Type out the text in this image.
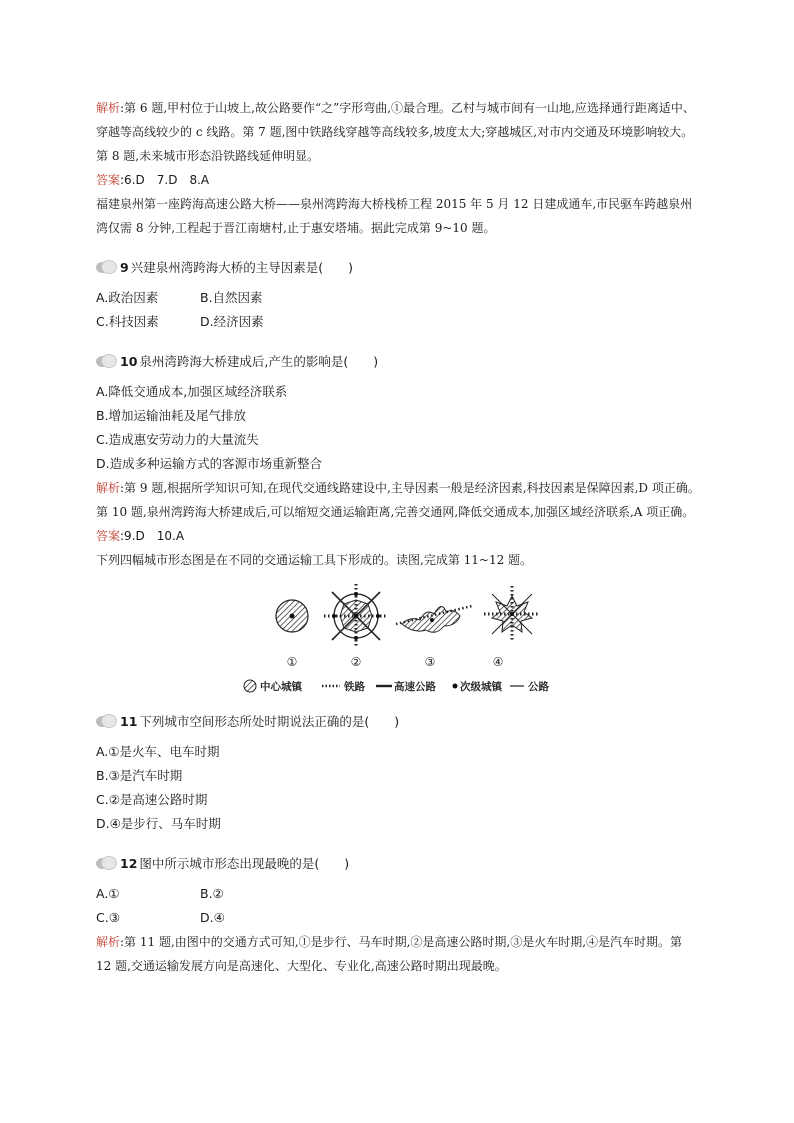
解析:第 6 题,甲村位于山坡上,故公路要作“之”字形弯曲,①最合理。乙村与城市间有一山地,应选择通行距离适中、穿越等高线较少的 c 线路。第 7 题,图中铁路线穿越等高线较多,坡度太大;穿越城区,对市内交通及环境影响较大。第 8 题,未来城市形态沿铁路线延伸明显。

答案:6.D　7.D　8.A

福建泉州第一座跨海高速公路大桥——泉州湾跨海大桥栈桥工程 2015 年 5 月 12 日建成通车,市民驱车跨越泉州湾仅需 8 分钟,工程起于晋江南塘村,止于惠安塔埔。据此完成第 9~10 题。

9 兴建泉州湾跨海大桥的主导因素是(　　)
A.政治因素	B.自然因素
C.科技因素	D.经济因素
10 泉州湾跨海大桥建成后,产生的影响是(　　)
A.降低交通成本,加强区域经济联系
B.增加运输油耗及尾气排放
C.造成惠安劳动力的大量流失
D.造成多种运输方式的客源市场重新整合

解析:第 9 题,根据所学知识可知,在现代交通线路建设中,主导因素一般是经济因素,科技因素是保障因素,D 项正确。第 10 题,泉州湾跨海大桥建成后,可以缩短交通运输距离,完善交通网,降低交通成本,加强区域经济联系,A 项正确。

答案:9.D　10.A

下列四幅城市形态图是在不同的交通运输工具下形成的。读图,完成第 11~12 题。

①	②	③	④
中心城镇	铁路	高速公路 次级城镇 公路
11 下列城市空间形态所处时期说法正确的是(　　)
A.①是火车、电车时期
B.③是汽车时期
C.②是高速公路时期
D.④是步行、马车时期
12 图中所示城市形态出现最晚的是(　　)
A.①	B.②
C.③	D.④

解析:第 11 题,由图中的交通方式可知,①是步行、马车时期,②是高速公路时期,③是火车时期,④是汽车时期。第 12 题,交通运输发展方向是高速化、大型化、专业化,高速公路时期出现最晚。
